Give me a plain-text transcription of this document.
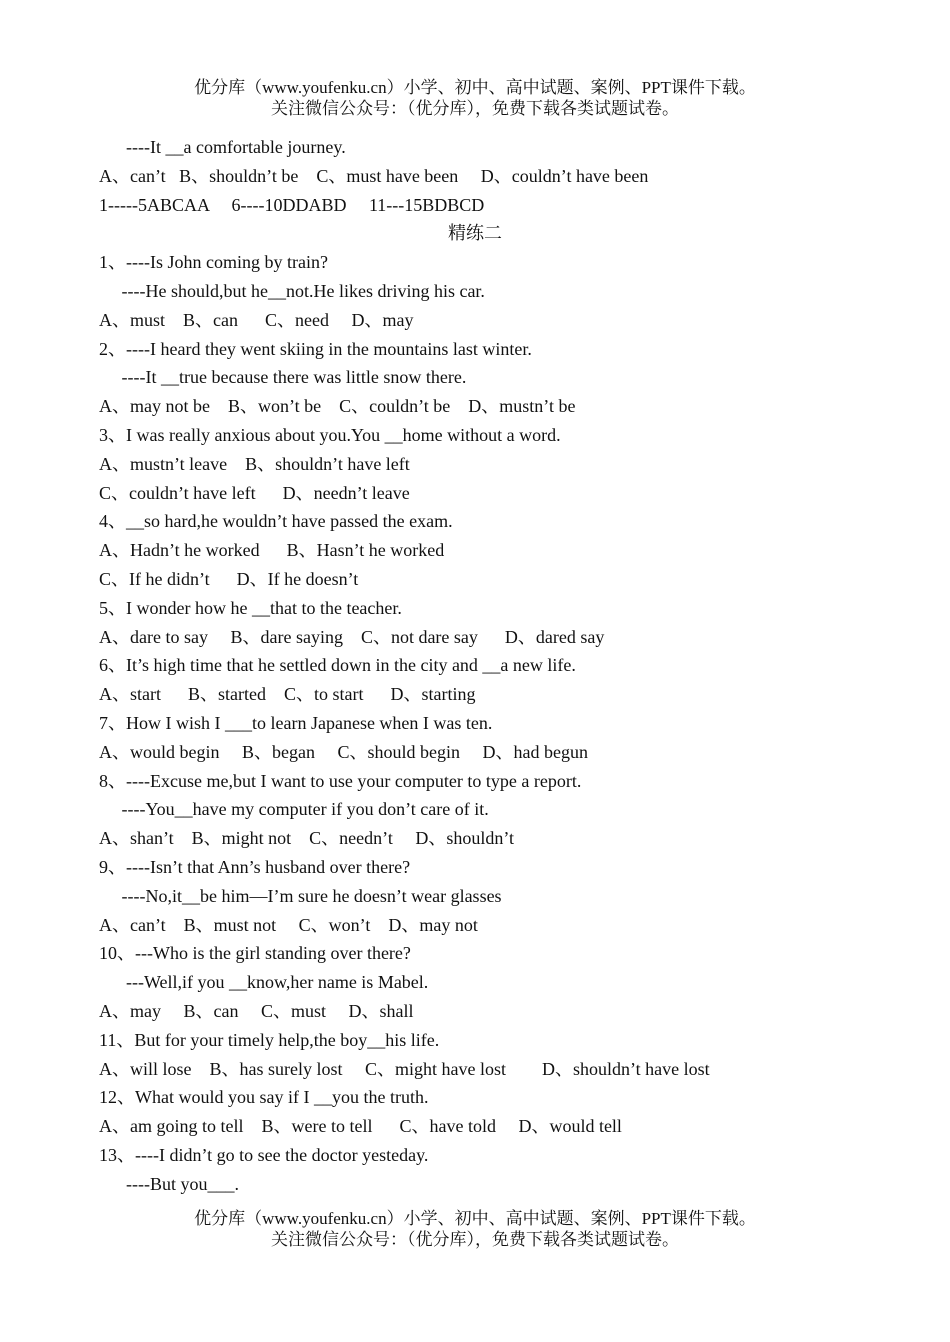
优分库（www.youfenku.cn）小学、初中、高中试题、案例、PPT课件下载。
关注微信公众号：（优分库），免费下载各类试题试卷。
----It __a comfortable journey.
A、can’t   B、shouldn’t be    C、must have been     D、couldn’t have been
1-----5ABCAA     6----10DDABD     11---15BDBCD
精练二
1、----Is John coming by train?
----He should,but he__not.He likes driving his car.
A、must    B、can      C、need     D、may
2、----I heard they went skiing in the mountains last winter.
----It __true because there was little snow there.
A、may not be    B、won’t be    C、couldn’t be    D、mustn’t be
3、I was really anxious about you.You __home without a word.
A、mustn’t leave    B、shouldn’t have left
C、couldn’t have left      D、needn’t leave
4、__so hard,he wouldn’t have passed the exam.
A、Hadn’t he worked      B、Hasn’t he worked
C、If he didn’t      D、If he doesn’t
5、I wonder how he __that to the teacher.
A、dare to say     B、dare saying    C、not dare say      D、dared say
6、It’s high time that he settled down in the city and __a new life.
A、start      B、started    C、to start      D、starting
7、How I wish I ___to learn Japanese when I was ten.
A、would begin     B、began     C、should begin     D、had begun
8、----Excuse me,but I want to use your computer to type a report.
----You__have my computer if you don’t care of it.
A、shan’t    B、might not    C、needn’t     D、shouldn’t
9、----Isn’t that Ann’s husband over there?
----No,it__be him—I’m sure he doesn’t wear glasses
A、can’t    B、must not     C、won’t    D、may not
10、---Who is the girl standing over there?
---Well,if you __know,her name is Mabel.
A、may     B、can     C、must     D、shall
11、But for your timely help,the boy__his life.
A、will lose    B、has surely lost     C、might have lost        D、shouldn’t have lost
12、What would you say if I __you the truth.
A、am going to tell    B、were to tell      C、have told     D、would tell
13、----I didn’t go to see the doctor yesteday.
----But you___.
优分库（www.youfenku.cn）小学、初中、高中试题、案例、PPT课件下载。
关注微信公众号：（优分库），免费下载各类试题试卷。
